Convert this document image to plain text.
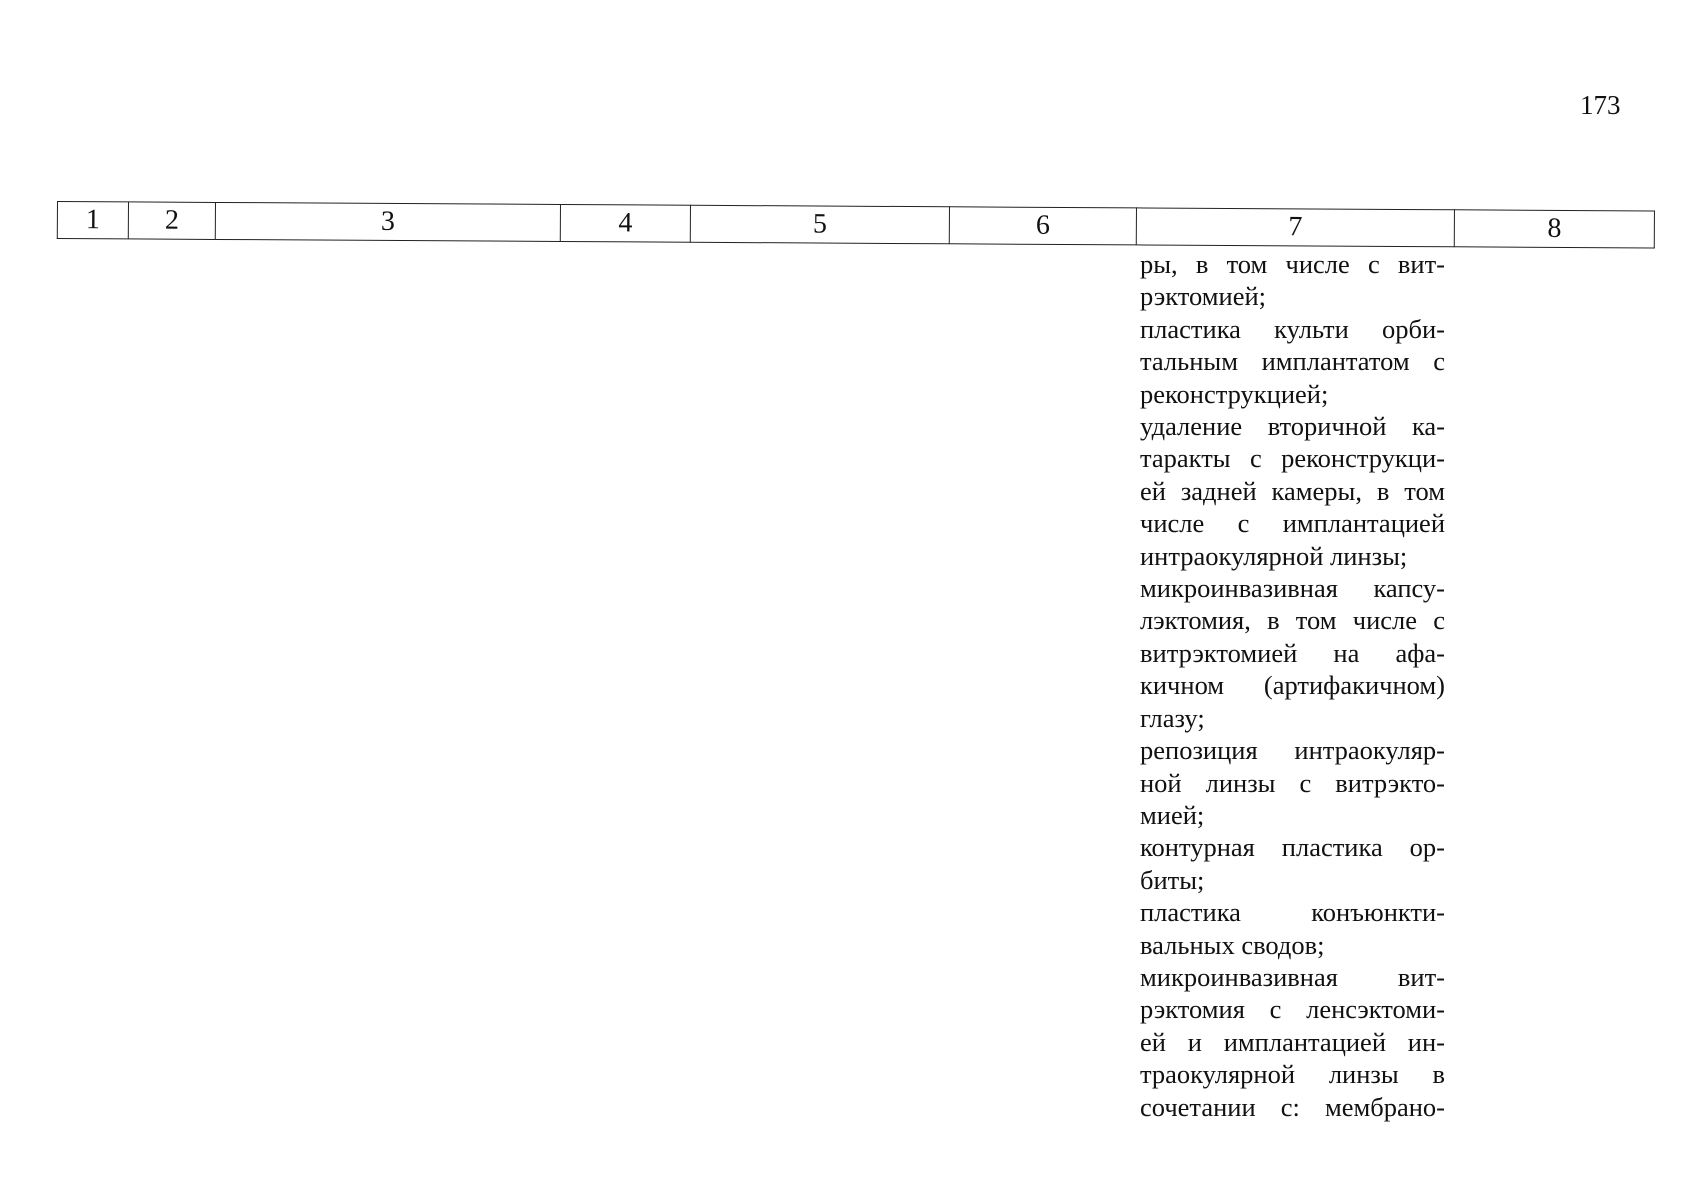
173
1	2	3	4	5	6	7	8
ры, в том числе с вит-
рэктомией;
пластика культи орби-
тальным имплантатом с
реконструкцией;
удаление вторичной ка-
таракты с реконструкци-
ей задней камеры, в том
числе с имплантацией
интраокулярной линзы;
микроинвазивная капсу-
лэктомия, в том числе с
витрэктомией на афа-
кичном (артифакичном)
глазу;
репозиция интраокуляр-
ной линзы с витрэкто-
мией;
контурная пластика ор-
биты;
пластика конъюнкти-
вальных сводов;
микроинвазивная вит-
рэктомия с ленсэктоми-
ей и имплантацией ин-
траокулярной линзы в
сочетании с: мембрано-
